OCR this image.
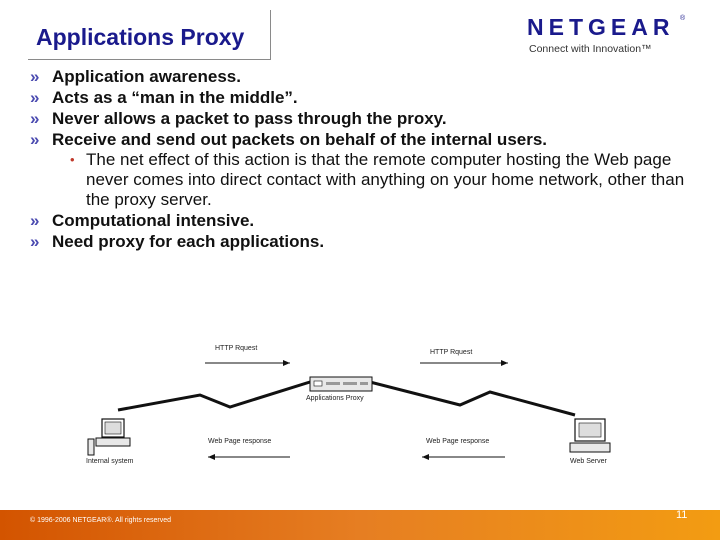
Applications Proxy	NETGEAR ®
Connect with Innovation™
» Application awareness.
» Acts as a “man in the middle”.
» Never allows a packet to pass through the proxy.
» Receive and send out packets on behalf of the internal users.
• The net effect of this action is that the remote computer hosting the Web page never comes into direct contact with anything on your home network, other than the proxy server.
» Computational intensive.
» Need proxy for each applications.
HTTP Rquest
HTTP Rquest
Applications Proxy
Internal system	Web Server
Web Page response	Web Page response
© 1996-2006 NETGEAR®. All rights reserved	11
